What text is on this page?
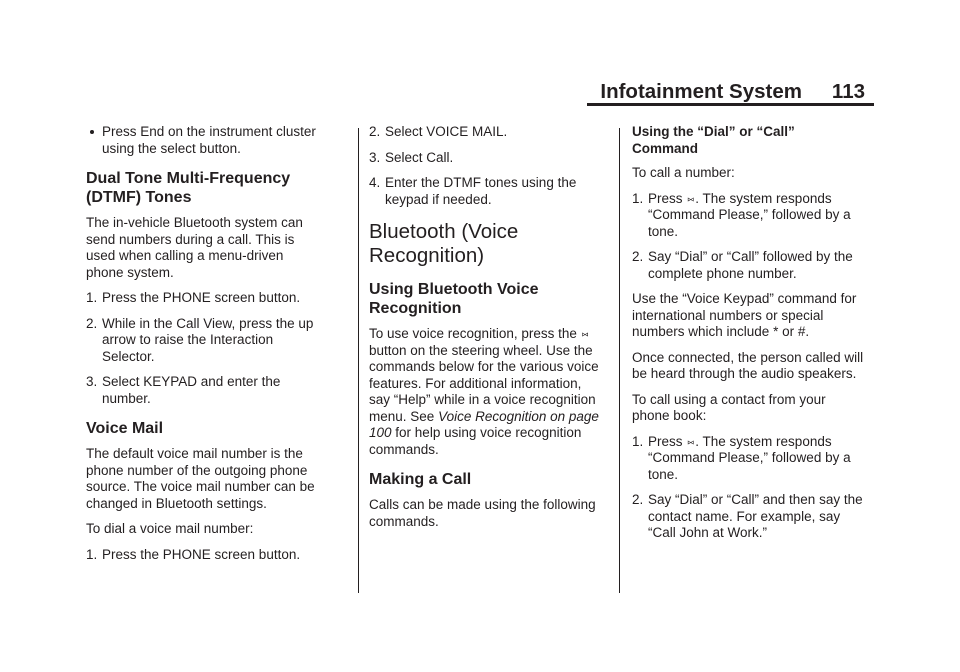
Infotainment System 113
Press End on the instrument cluster using the select button.
Dual Tone Multi-Frequency (DTMF) Tones

The in-vehicle Bluetooth system can send numbers during a call. This is used when calling a menu-driven phone system.

1. Press the PHONE screen button.
2. While in the Call View, press the up arrow to raise the Interaction Selector.
3. Select KEYPAD and enter the number.
Voice Mail

The default voice mail number is the phone number of the outgoing phone source. The voice mail number can be changed in Bluetooth settings.

To dial a voice mail number:

1. Press the PHONE screen button.
2. Select VOICE MAIL.
3. Select Call.
4. Enter the DTMF tones using the keypad if needed.
Bluetooth (Voice Recognition)
Using Bluetooth Voice Recognition

To use voice recognition, press the ⑅button on the steering wheel. Use the commands below for the various voice features. For additional information, say “Help” while in a voice recognition menu. See Voice Recognition on page 100 for help using voice recognition commands.

Making a Call

Calls can be made using the following commands.

Using the “Dial” or “Call” Command

To call a number:

1. Press ⑅. The system responds “Command Please,” followed by a tone.
2. Say “Dial” or “Call” followed by the complete phone number.

Use the “Voice Keypad” command for international numbers or special numbers which include * or #.

Once connected, the person called will be heard through the audio speakers.

To call using a contact from your phone book:

1. Press ⑅. The system responds “Command Please,” followed by a tone.
2. Say “Dial” or “Call” and then say the contact name. For example, say “Call John at Work.”
